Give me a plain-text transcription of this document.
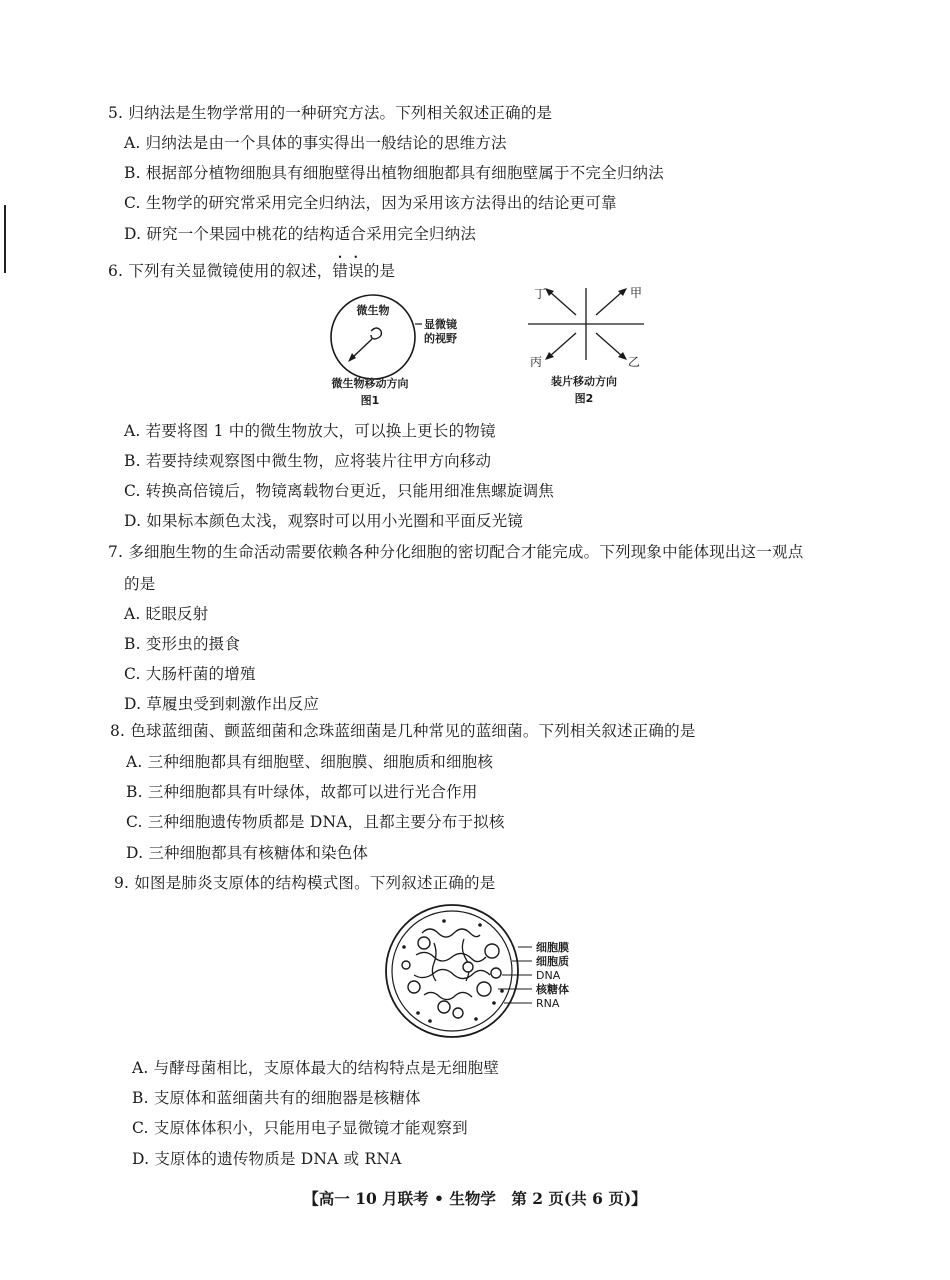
5. 归纳法是生物学常用的一种研究方法。下列相关叙述正确的是
A. 归纳法是由一个具体的事实得出一般结论的思维方法
B. 根据部分植物细胞具有细胞壁得出植物细胞都具有细胞壁属于不完全归纳法
C. 生物学的研究常采用完全归纳法，因为采用该方法得出的结论更可靠
D. 研究一个果园中桃花的结构适合采用完全归纳法
6. 下列有关显微镜使用的叙述，错误的是
微生物
显微镜
的视野
微生物移动方向
图1
丁	甲
丙	乙
装片移动方向
图2
A. 若要将图 1 中的微生物放大，可以换上更长的物镜
B. 若要持续观察图中微生物，应将装片往甲方向移动
C. 转换高倍镜后，物镜离载物台更近，只能用细准焦螺旋调焦
D. 如果标本颜色太浅，观察时可以用小光圈和平面反光镜
7. 多细胞生物的生命活动需要依赖各种分化细胞的密切配合才能完成。下列现象中能体现出这一观点
的是
A. 眨眼反射
B. 变形虫的摄食
C. 大肠杆菌的增殖
D. 草履虫受到刺激作出反应
8. 色球蓝细菌、颤蓝细菌和念珠蓝细菌是几种常见的蓝细菌。下列相关叙述正确的是
A. 三种细胞都具有细胞壁、细胞膜、细胞质和细胞核
B. 三种细胞都具有叶绿体，故都可以进行光合作用
C. 三种细胞遗传物质都是 DNA，且都主要分布于拟核
D. 三种细胞都具有核糖体和染色体
9. 如图是肺炎支原体的结构模式图。下列叙述正确的是
细胞膜
细胞质
DNA
核糖体
RNA
A. 与酵母菌相比，支原体最大的结构特点是无细胞壁
B. 支原体和蓝细菌共有的细胞器是核糖体
C. 支原体体积小，只能用电子显微镜才能观察到
D. 支原体的遗传物质是 DNA 或 RNA
【高一 10 月联考 • 生物学　第 2 页(共 6 页)】
